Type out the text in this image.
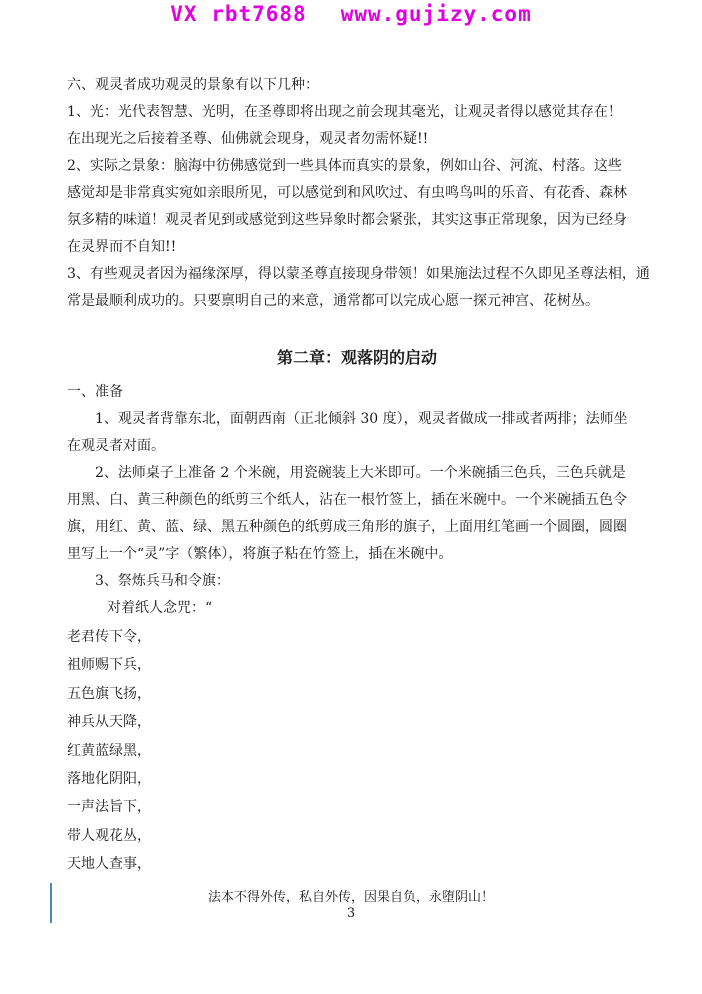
VX rbt7688 www.gujizy.com
六、观灵者成功观灵的景象有以下几种：
1、光：光代表智慧、光明，在圣尊即将出现之前会现其毫光，让观灵者得以感觉其存在！
在出现光之后接着圣尊、仙佛就会现身，观灵者勿需怀疑!!
2、实际之景象：脑海中彷佛感觉到一些具体而真实的景象，例如山谷、河流、村落。这些
感觉却是非常真实宛如亲眼所见，可以感觉到和风吹过、有虫鸣鸟叫的乐音、有花香、森林
氛多精的味道！观灵者见到或感觉到这些异象时都会紧张，其实这事正常现象，因为已经身
在灵界而不自知!!
3、有些观灵者因为福缘深厚，得以蒙圣尊直接现身带领！如果施法过程不久即见圣尊法相，通
常是最顺利成功的。只要禀明自己的来意，通常都可以完成心愿一探元神宫、花树丛。
第二章：观落阴的启动
一、准备
1、观灵者背靠东北，面朝西南（正北倾斜 30 度），观灵者做成一排或者两排；法师坐
在观灵者对面。
2、法师桌子上准备 2 个米碗，用瓷碗装上大米即可。一个米碗插三色兵，三色兵就是
用黑、白、黄三种颜色的纸剪三个纸人，沾在一根竹签上，插在米碗中。一个米碗插五色令
旗，用红、黄、蓝、绿、黑五种颜色的纸剪成三角形的旗子，上面用红笔画一个圆圈，圆圈
里写上一个“灵”字（繁体），将旗子粘在竹签上，插在米碗中。
3、祭炼兵马和令旗：
对着纸人念咒：“
老君传下令，
祖师赐下兵，
五色旗飞扬，
神兵从天降，
红黄蓝绿黑，
落地化阴阳，
一声法旨下，
带人观花丛，
天地人查事，
法本不得外传，私自外传，因果自负，永堕阴山！
3
